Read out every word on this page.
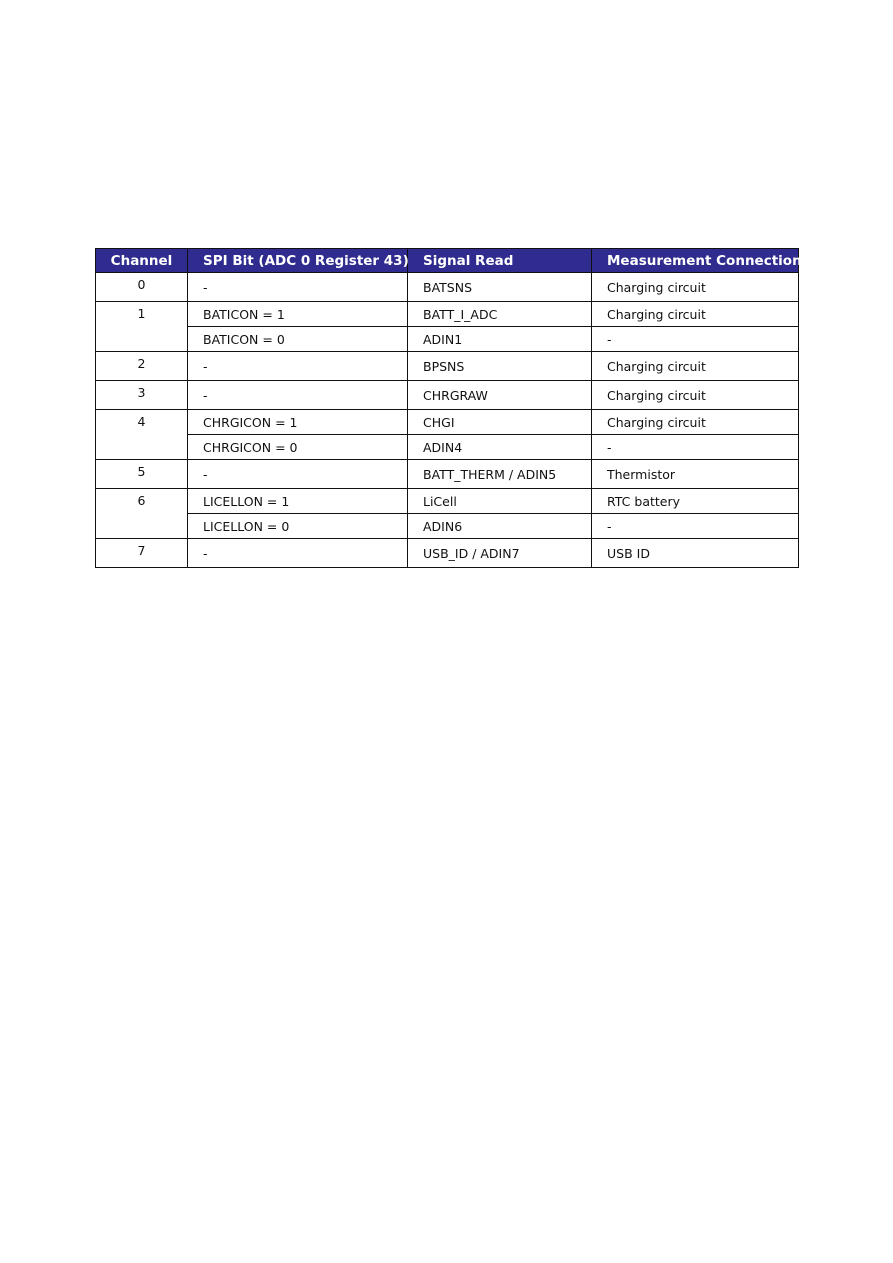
Channel	SPI Bit (ADC 0 Register 43)	Signal Read	Measurement Connection
0	-	BATSNS	Charging circuit
1	BATICON = 1	BATT_I_ADC	Charging circuit
	BATICON = 0	ADIN1	-
2	-	BPSNS	Charging circuit
3	-	CHRGRAW	Charging circuit
4	CHRGICON = 1	CHGI	Charging circuit
	CHRGICON = 0	ADIN4	-
5	-	BATT_THERM / ADIN5	Thermistor
6	LICELLON = 1	LiCell	RTC battery
	LICELLON = 0	ADIN6	-
7	-	USB_ID / ADIN7	USB ID
